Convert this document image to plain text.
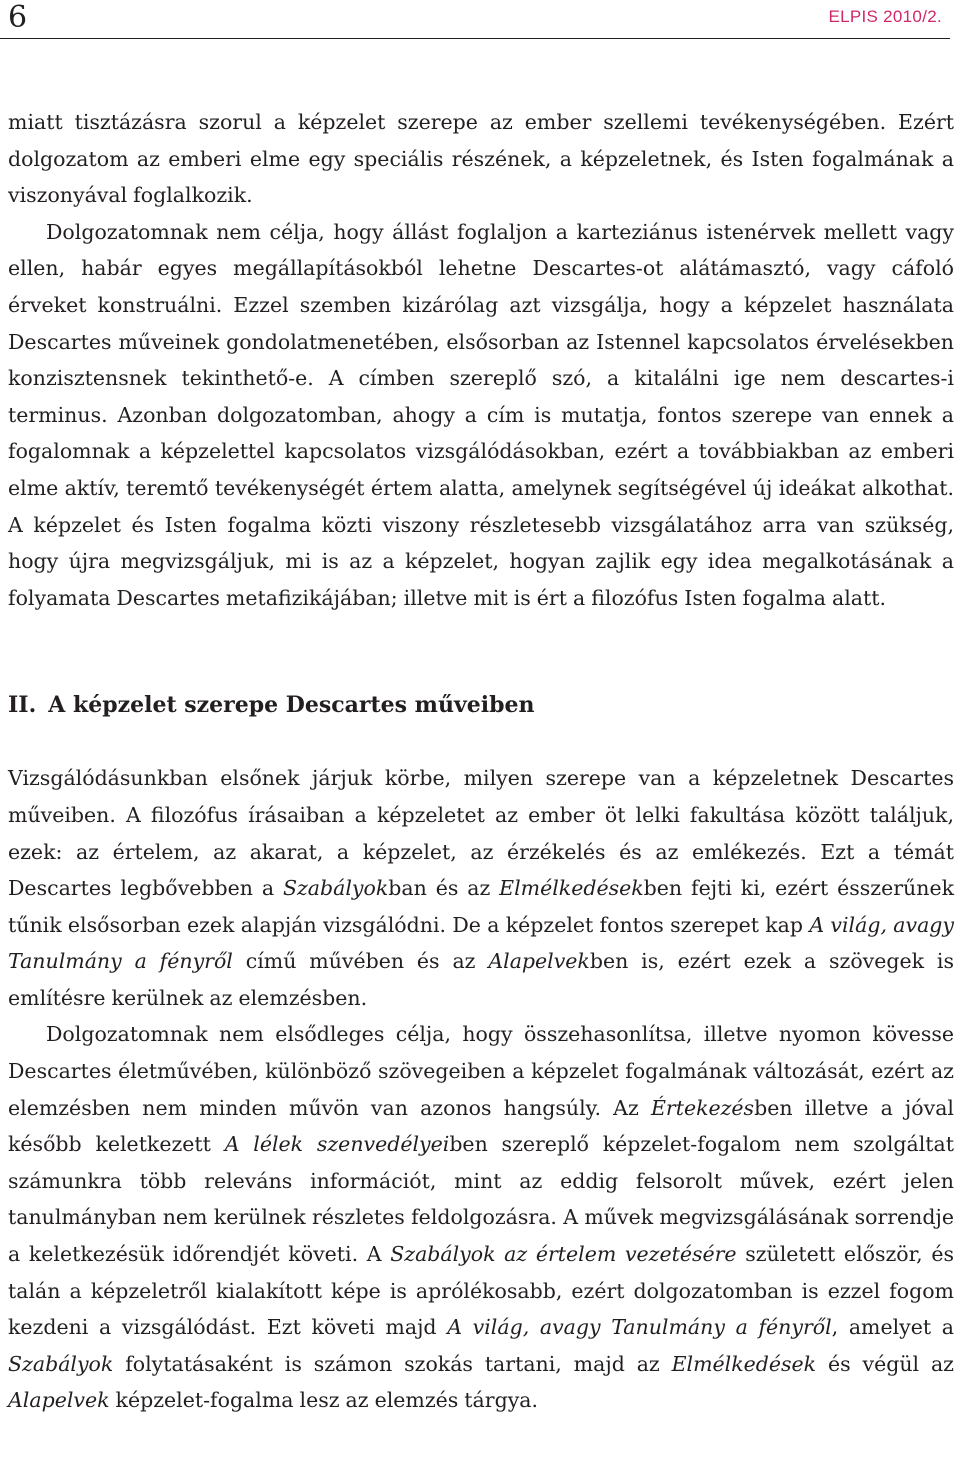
6	ELPIS 2010/2.

miatt tisztázásra szorul a képzelet szerepe az ember szellemi tevékenységében. Ezért dolgozatom az emberi elme egy speciális részének, a képzeletnek, és Isten fogalmának a viszonyával foglalkozik.

Dolgozatomnak nem célja, hogy állást foglaljon a karteziánus istenérvek mellett vagy ellen, habár egyes megállapításokból lehetne Descartes-ot alátámasztó, vagy cáfoló érveket konstruálni. Ezzel szemben kizárólag azt vizsgálja, hogy a képzelet használata Descartes műveinek gondolatmenetében, elsősorban az Istennel kapcsolatos érvelésekben konzisztensnek tekinthető-e. A címben szereplő szó, a kitalálni ige nem descartes-i terminus. Azonban dolgozatomban, ahogy a cím is mutatja, fontos szerepe van ennek a fogalomnak a képzelettel kapcsolatos vizsgálódásokban, ezért a továbbiakban az emberi elme aktív, teremtő tevékenységét értem alatta, amelynek segítségével új ideákat alkothat. A képzelet és Isten fogalma közti viszony részletesebb vizsgálatához arra van szükség, hogy újra megvizsgáljuk, mi is az a képzelet, hogyan zajlik egy idea megalkotásának a folyamata Descartes metafizikájában; illetve mit is ért a filozófus Isten fogalma alatt.

II. A képzelet szerepe Descartes műveiben

Vizsgálódásunkban elsőnek járjuk körbe, milyen szerepe van a képzeletnek Descartes műveiben. A filozófus írásaiban a képzeletet az ember öt lelki fakultása között találjuk, ezek: az értelem, az akarat, a képzelet, az érzékelés és az emlékezés. Ezt a témát Descartes legbővebben a Szabályokban és az Elmélkedésekben fejti ki, ezért ésszerűnek tűnik elsősorban ezek alapján vizsgálódni. De a képzelet fontos szerepet kap A világ, avagy Tanulmány a fényről című művében és az Alapelvekben is, ezért ezek a szövegek is említésre kerülnek az elemzésben.

Dolgozatomnak nem elsődleges célja, hogy összehasonlítsa, illetve nyomon kövesse Descartes életművében, különböző szövegeiben a képzelet fogalmának változását, ezért az elemzésben nem minden művön van azonos hangsúly. Az Értekezésben illetve a jóval később keletkezett A lélek szenvedélyeiben szereplő képzelet-fogalom nem szolgáltat számunkra több releváns információt, mint az eddig felsorolt művek, ezért jelen tanulmányban nem kerülnek részletes feldolgozásra. A művek megvizsgálásának sorrendje a keletkezésük időrendjét követi. A Szabályok az értelem vezetésére született először, és talán a képzeletről kialakított képe is aprólékosabb, ezért dolgozatomban is ezzel fogom kezdeni a vizsgálódást. Ezt követi majd A világ, avagy Tanulmány a fényről, amelyet a Szabályok folytatásaként is számon szokás tartani, majd az Elmélkedések és végül az Alapelvek képzelet-fogalma lesz az elemzés tárgya.
